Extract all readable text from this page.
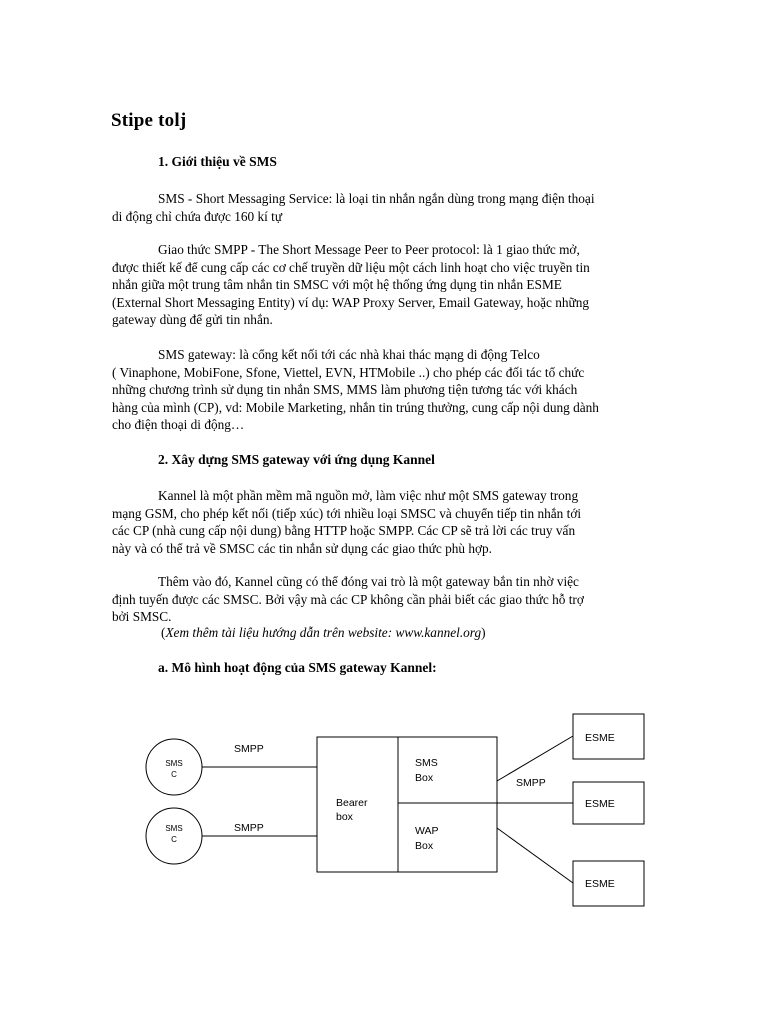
Stipe tolj
1. Giới thiệu về SMS
SMS - Short Messaging Service: là loại tin nhắn ngắn dùng trong mạng điện thoại
di động chỉ chứa được 160 kí tự
Giao thức SMPP - The Short Message Peer to Peer protocol: là 1 giao thức mở,
được thiết kế để cung cấp các cơ chế truyền dữ liệu một cách linh hoạt cho việc truyền tin
nhắn giữa một trung tâm nhắn tin SMSC với một hệ thống ứng dụng tin nhắn ESME
(External Short Messaging Entity) ví dụ: WAP Proxy Server, Email Gateway, hoặc những
gateway dùng để gửi tin nhắn.
SMS gateway: là cổng kết nối tới các nhà khai thác mạng di động Telco
( Vinaphone, MobiFone, Sfone, Viettel, EVN, HTMobile ..) cho phép các đối tác tổ chức
những chương trình sử dụng tin nhắn SMS, MMS làm phương tiện tương tác với khách
hàng của mình (CP), vd: Mobile Marketing, nhắn tin trúng thưởng, cung cấp nội dung dành
cho điện thoại di động…
2. Xây dựng SMS gateway với ứng dụng Kannel
Kannel là một phần mềm mã nguồn mở, làm việc như một SMS gateway trong
mạng GSM, cho phép kết nối (tiếp xúc) tới nhiều loại SMSC và chuyển tiếp tin nhắn tới
các CP (nhà cung cấp nội dung) bằng HTTP hoặc SMPP. Các CP sẽ trả lời các truy vấn
này và có thể trả về SMSC các tin nhắn sử dụng các giao thức phù hợp.
Thêm vào đó, Kannel cũng có thể đóng vai trò là một gateway bắn tin nhờ việc
định tuyến được các SMSC. Bởi vậy mà các CP không cần phải biết các giao thức hỗ trợ
bởi SMSC.
(Xem thêm tài liệu hướng dẫn trên website: www.kannel.org)
a. Mô hình hoạt động của SMS gateway Kannel:
SMS
C
SMS
C
SMPP
SMPP
SMPP
Bearer
box
SMS
Box
WAP
Box
ESME
ESME
ESME
